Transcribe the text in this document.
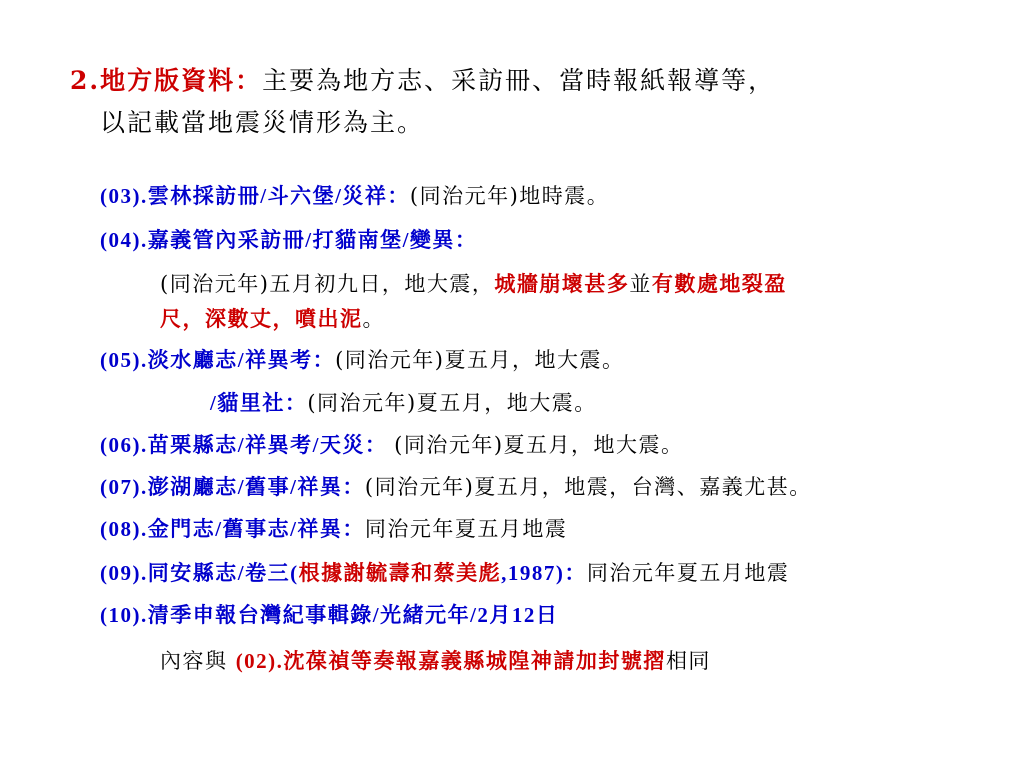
2.地方版資料：主要為地方志、采訪冊、當時報紙報導等，
以記載當地震災情形為主。
(03).雲林採訪冊/斗六堡/災祥：(同治元年)地時震。
(04).嘉義管內采訪冊/打貓南堡/變異：
(同治元年)五月初九日，地大震，城牆崩壞甚多並有數處地裂盈
尺，深數丈，噴出泥。
(05).淡水廳志/祥異考：(同治元年)夏五月，地大震。
/貓里社：(同治元年)夏五月，地大震。
(06).苗栗縣志/祥異考/天災： (同治元年)夏五月，地大震。
(07).澎湖廳志/舊事/祥異：(同治元年)夏五月，地震，台灣、嘉義尤甚。
(08).金門志/舊事志/祥異：同治元年夏五月地震
(09).同安縣志/卷三(根據謝毓壽和蔡美彪,1987)：同治元年夏五月地震
(10).清季申報台灣紀事輯錄/光緒元年/2月12日
內容與 (02).沈葆禎等奏報嘉義縣城隍神請加封號摺相同
